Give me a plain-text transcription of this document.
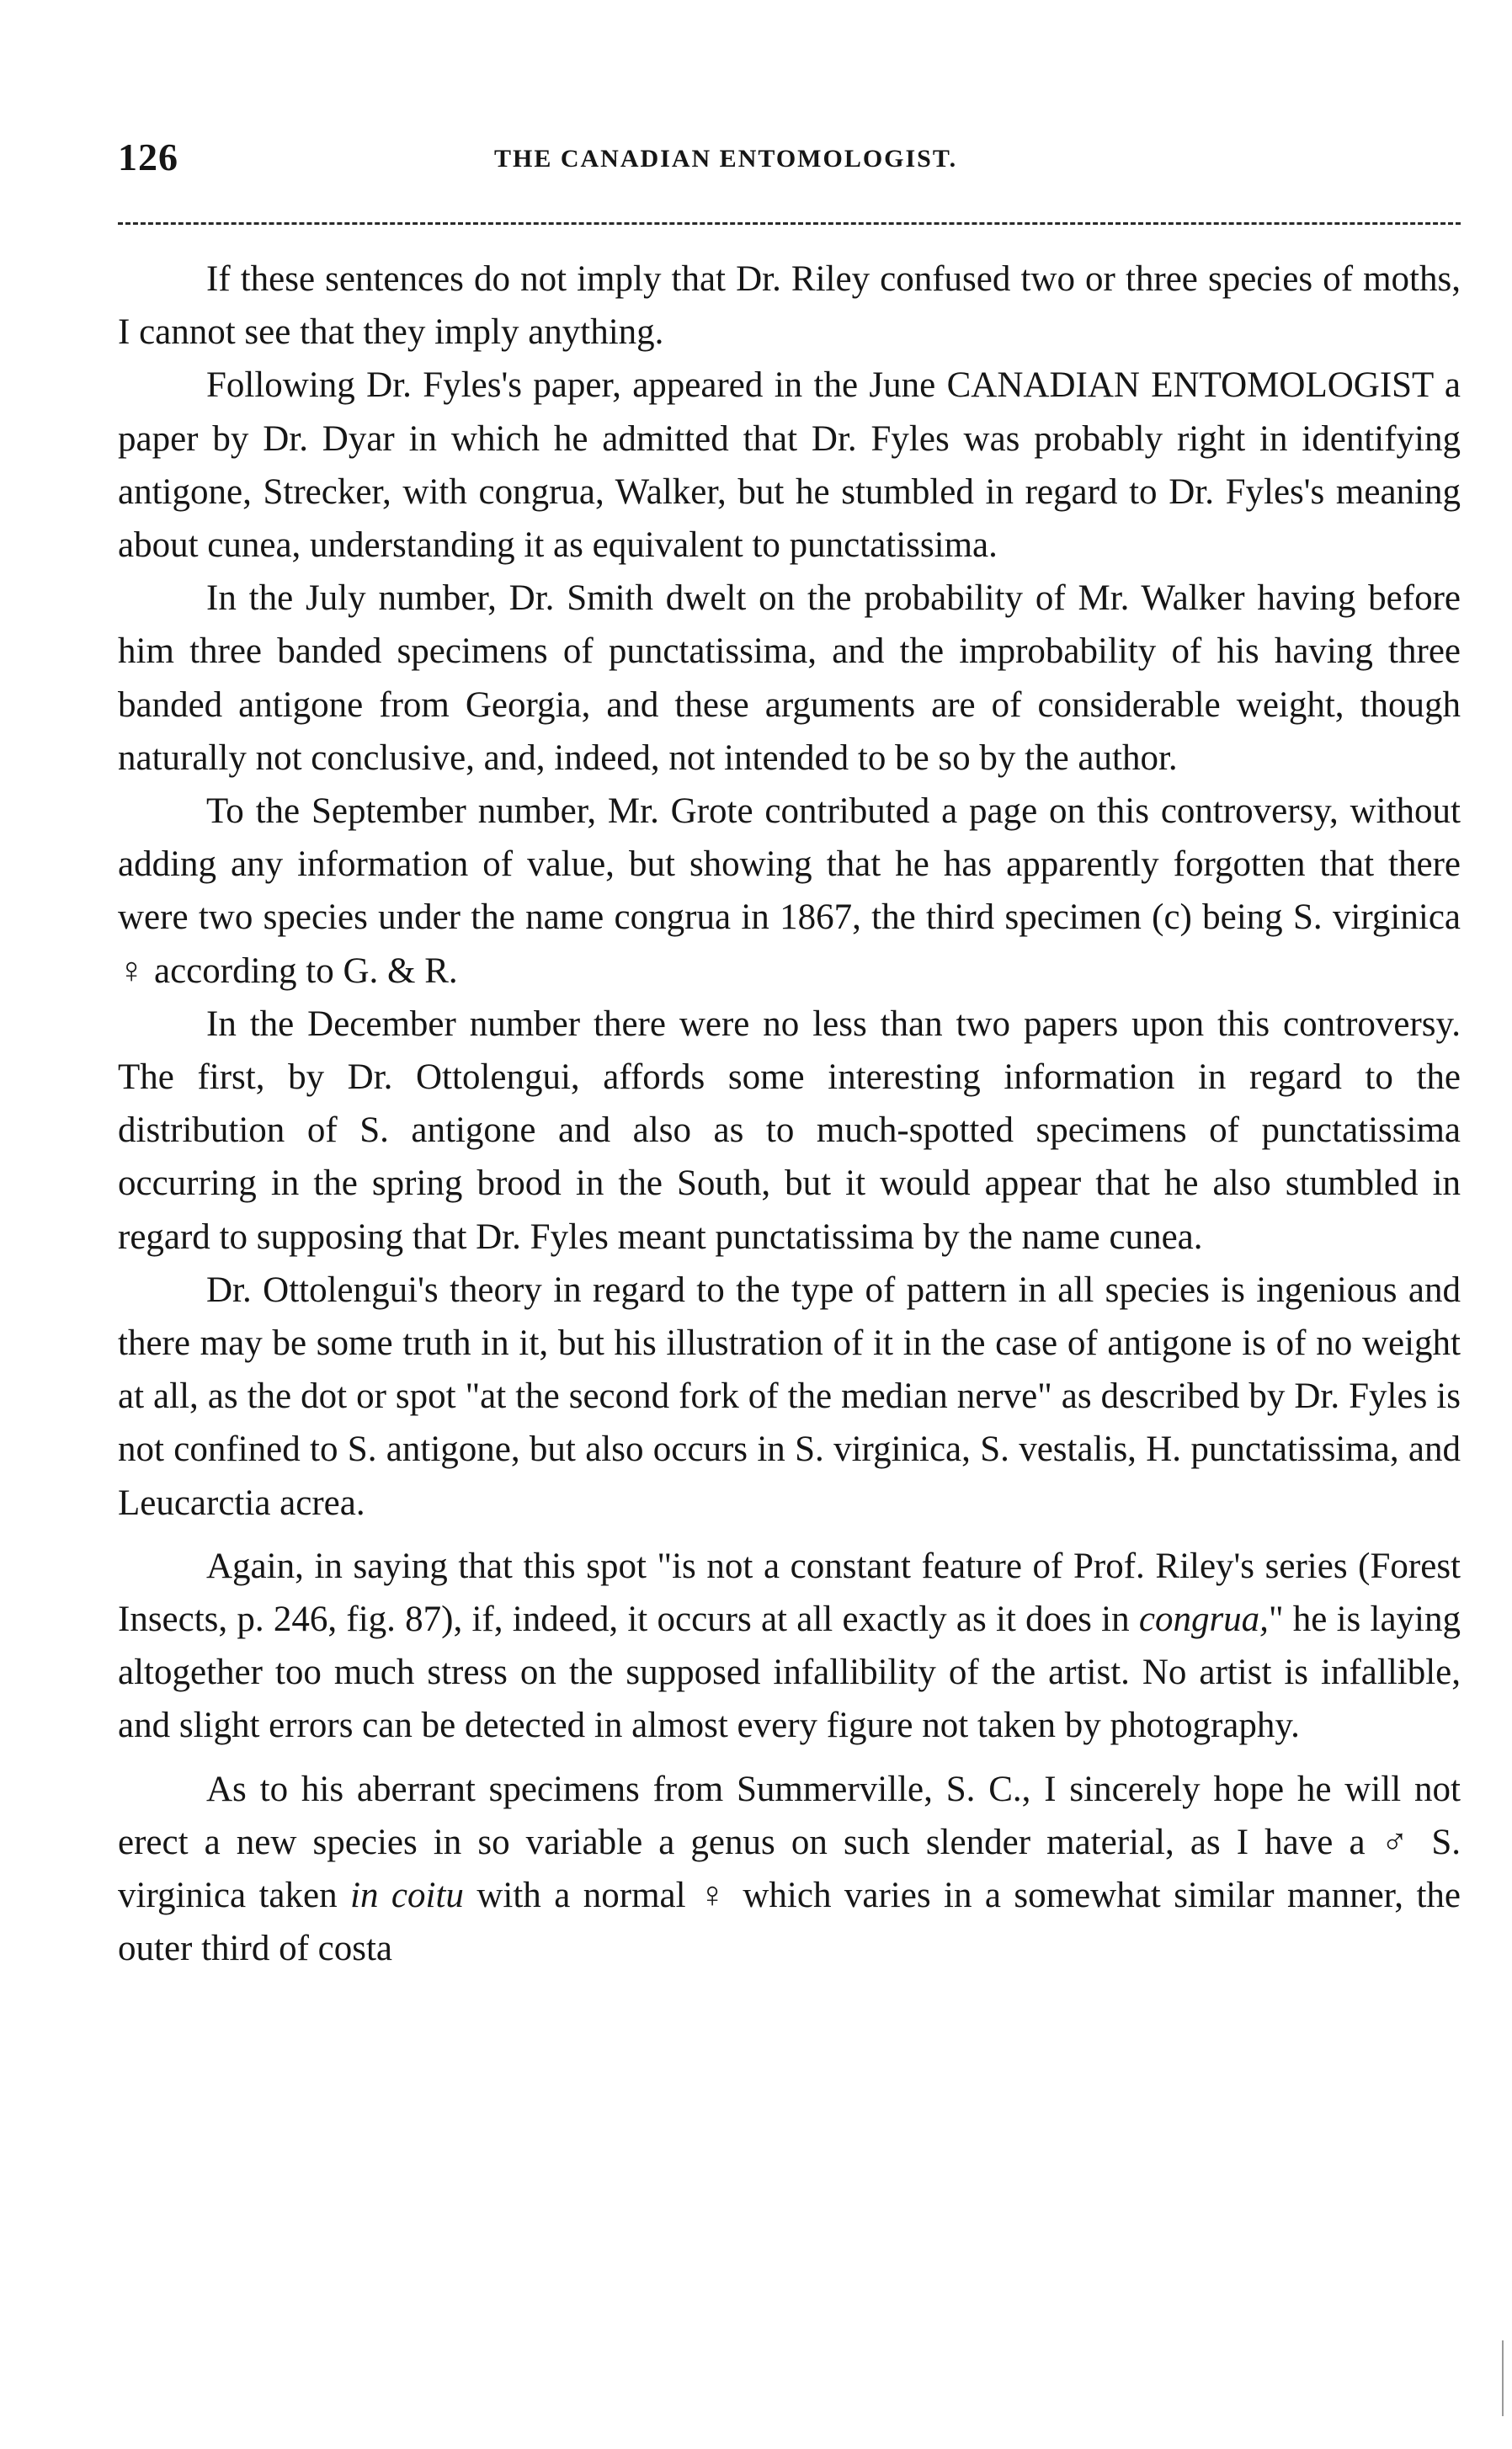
126	THE CANADIAN ENTOMOLOGIST.

If these sentences do not imply that Dr. Riley confused two or three species of moths, I cannot see that they imply anything.

Following Dr. Fyles's paper, appeared in the June CANADIAN ENTOMOLOGIST a paper by Dr. Dyar in which he admitted that Dr. Fyles was probably right in identifying antigone, Strecker, with congrua, Walker, but he stumbled in regard to Dr. Fyles's meaning about cunea, understanding it as equivalent to punctatissima.

In the July number, Dr. Smith dwelt on the probability of Mr. Walker having before him three banded specimens of punctatissima, and the improbability of his having three banded antigone from Georgia, and these arguments are of considerable weight, though naturally not conclusive, and, indeed, not intended to be so by the author.

To the September number, Mr. Grote contributed a page on this controversy, without adding any information of value, but showing that he has apparently forgotten that there were two species under the name congrua in 1867, the third specimen (c) being S. virginica ♀ according to G. & R.

In the December number there were no less than two papers upon this controversy. The first, by Dr. Ottolengui, affords some interesting information in regard to the distribution of S. antigone and also as to much-spotted specimens of punctatissima occurring in the spring brood in the South, but it would appear that he also stumbled in regard to supposing that Dr. Fyles meant punctatissima by the name cunea.

Dr. Ottolengui's theory in regard to the type of pattern in all species is ingenious and there may be some truth in it, but his illustration of it in the case of antigone is of no weight at all, as the dot or spot "at the second fork of the median nerve" as described by Dr. Fyles is not confined to S. antigone, but also occurs in S. virginica, S. vestalis, H. punctatissima, and Leucarctia acrea.

Again, in saying that this spot "is not a constant feature of Prof. Riley's series (Forest Insects, p. 246, fig. 87), if, indeed, it occurs at all exactly as it does in congrua," he is laying altogether too much stress on the supposed infallibility of the artist. No artist is infallible, and slight errors can be detected in almost every figure not taken by photography.

As to his aberrant specimens from Summerville, S. C., I sincerely hope he will not erect a new species in so variable a genus on such slender material, as I have a ♂ S. virginica taken in coitu with a normal ♀ which varies in a somewhat similar manner, the outer third of costa
